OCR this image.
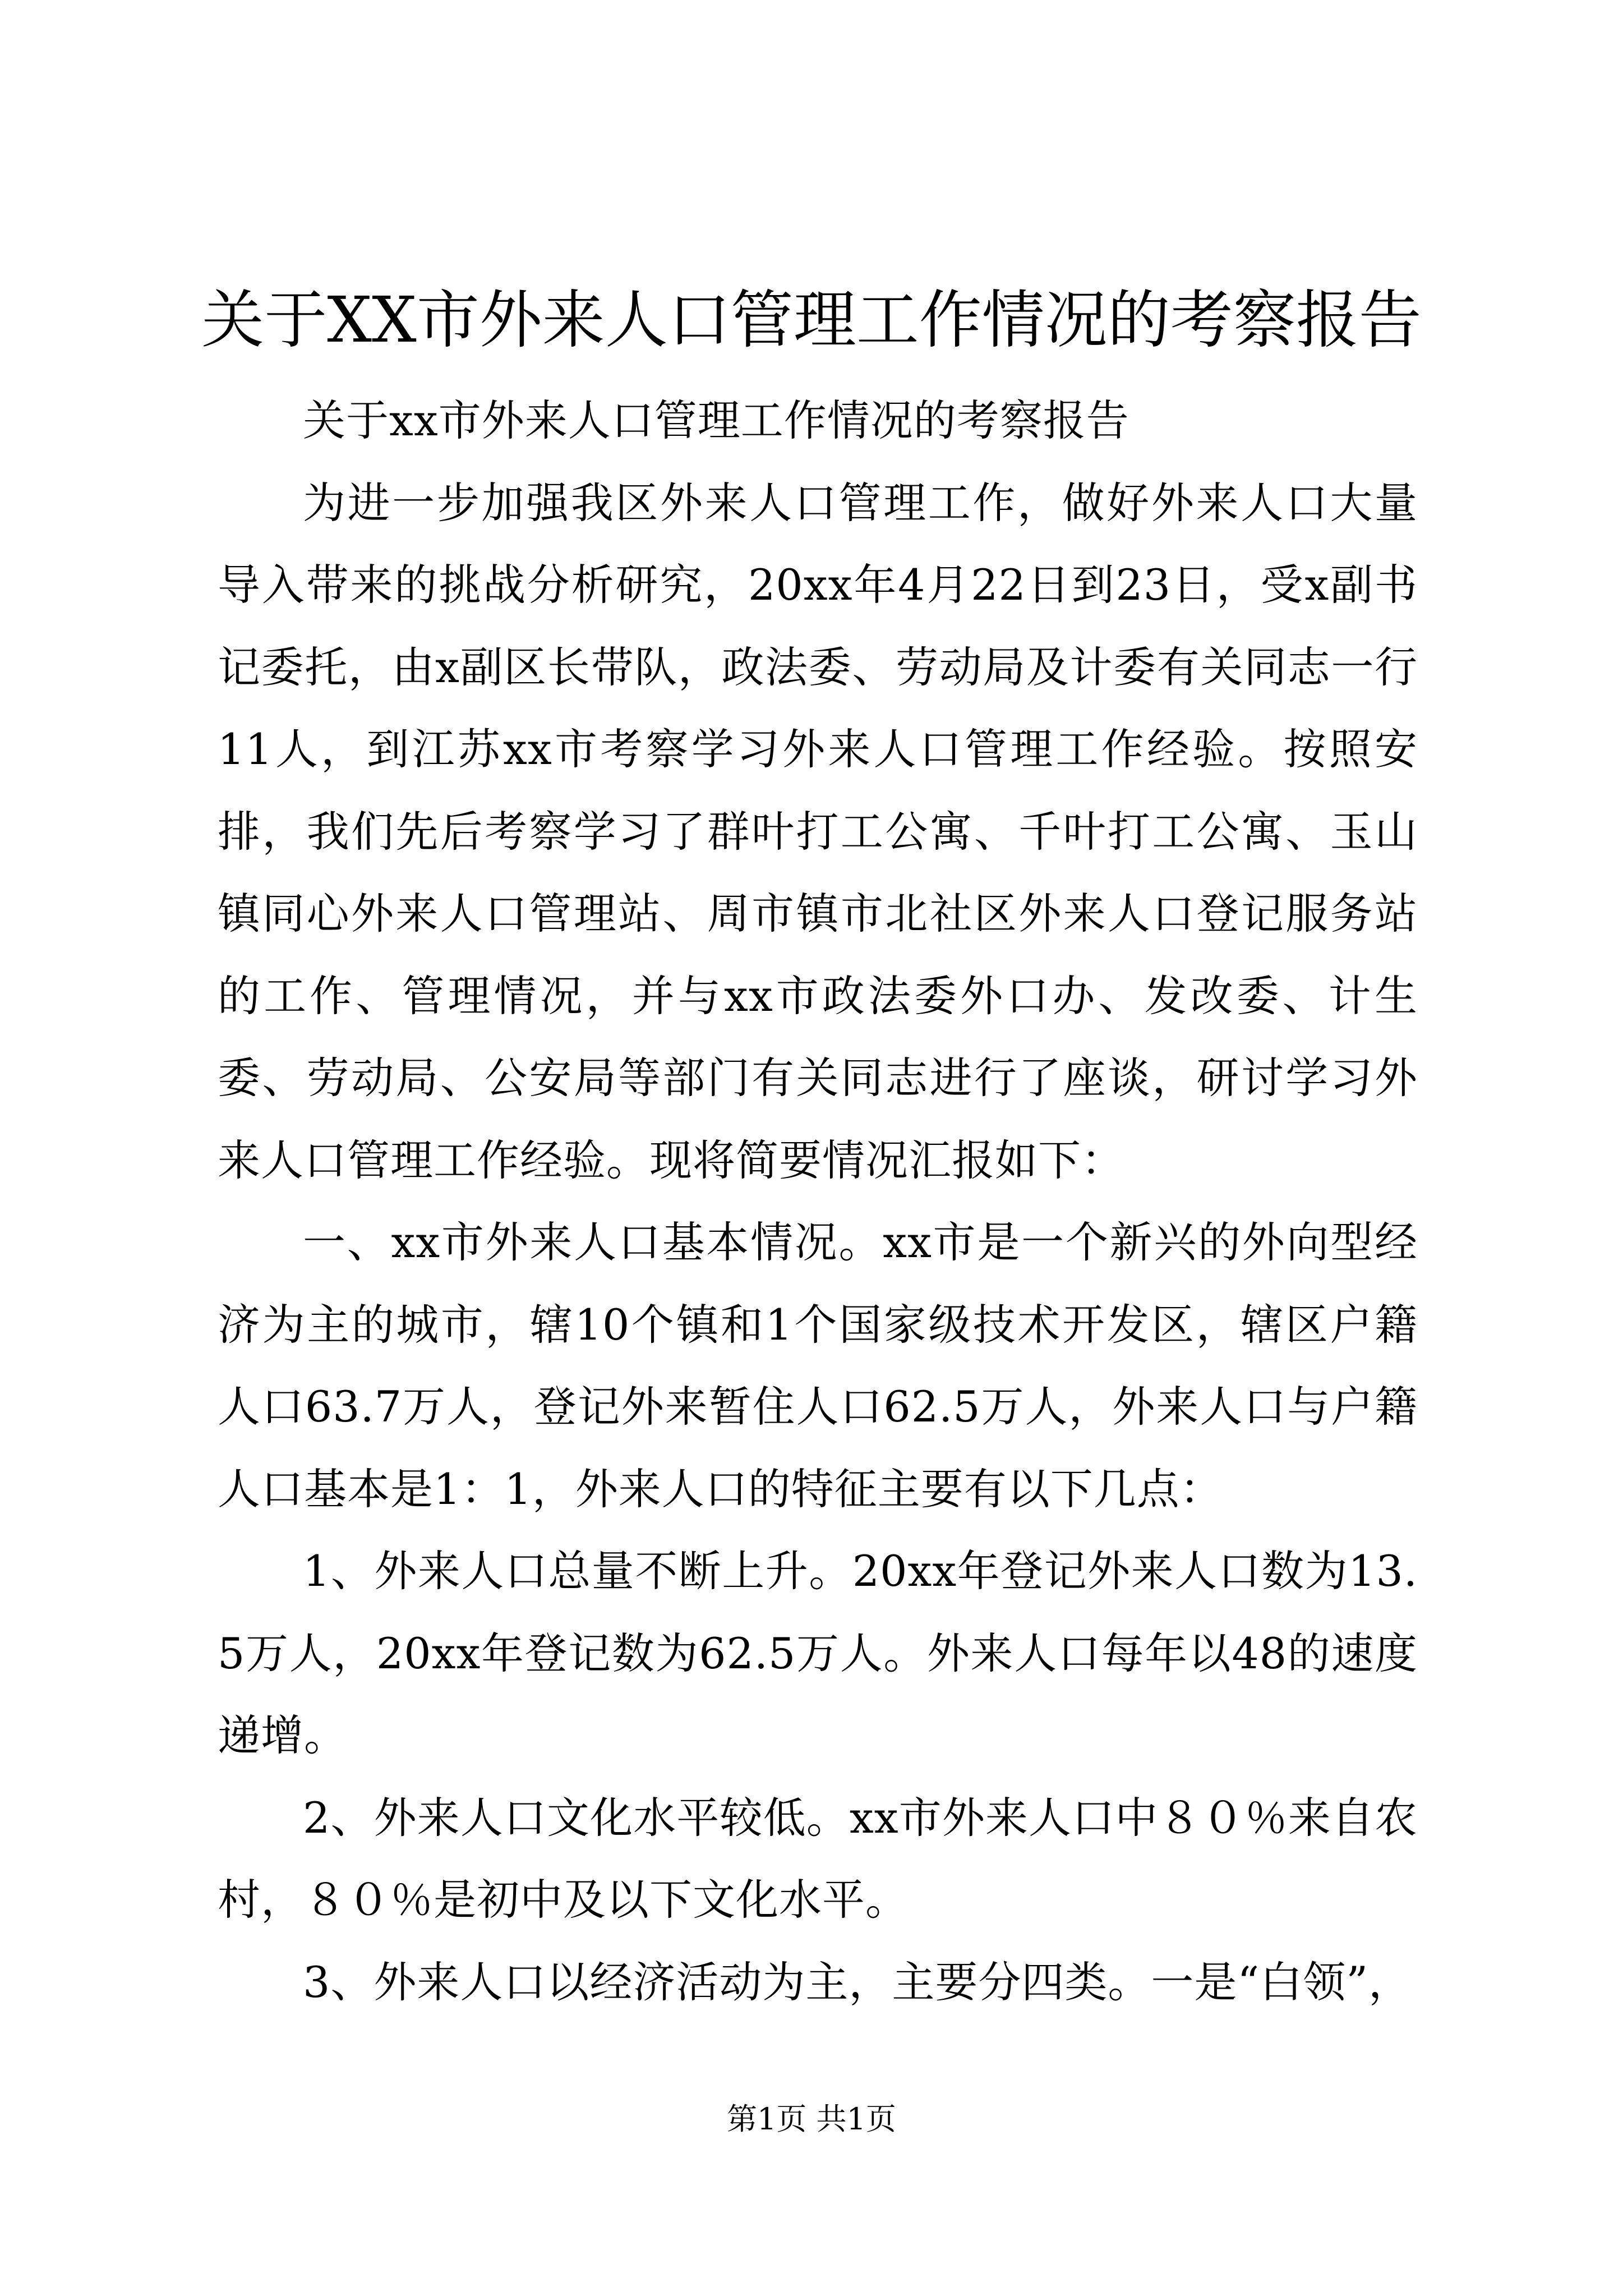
关于XX市外来人口管理工作情况的考察报告

关于xx市外来人口管理工作情况的考察报告

为进一步加强我区外来人口管理工作，做好外来人口大量导入带来的挑战分析研究，20xx年4月22日到23日，受x副书记委托，由x副区长带队，政法委、劳动局及计委有关同志一行11人，到江苏xx市考察学习外来人口管理工作经验。按照安排，我们先后考察学习了群叶打工公寓、千叶打工公寓、玉山镇同心外来人口管理站、周市镇市北社区外来人口登记服务站的工作、管理情况，并与xx市政法委外口办、发改委、计生委、劳动局、公安局等部门有关同志进行了座谈，研讨学习外来人口管理工作经验。现将简要情况汇报如下：

一、xx市外来人口基本情况。xx市是一个新兴的外向型经济为主的城市，辖10个镇和1个国家级技术开发区，辖区户籍人口63.7万人，登记外来暂住人口62.5万人，外来人口与户籍人口基本是1：1，外来人口的特征主要有以下几点：

1、外来人口总量不断上升。20xx年登记外来人口数为13.5万人，20xx年登记数为62.5万人。外来人口每年以48的速度递增。

2、外来人口文化水平较低。xx市外来人口中８０％来自农村，８０％是初中及以下文化水平。

3、外来人口以经济活动为主，主要分四类。一是“白领”，

第1页 共1页
